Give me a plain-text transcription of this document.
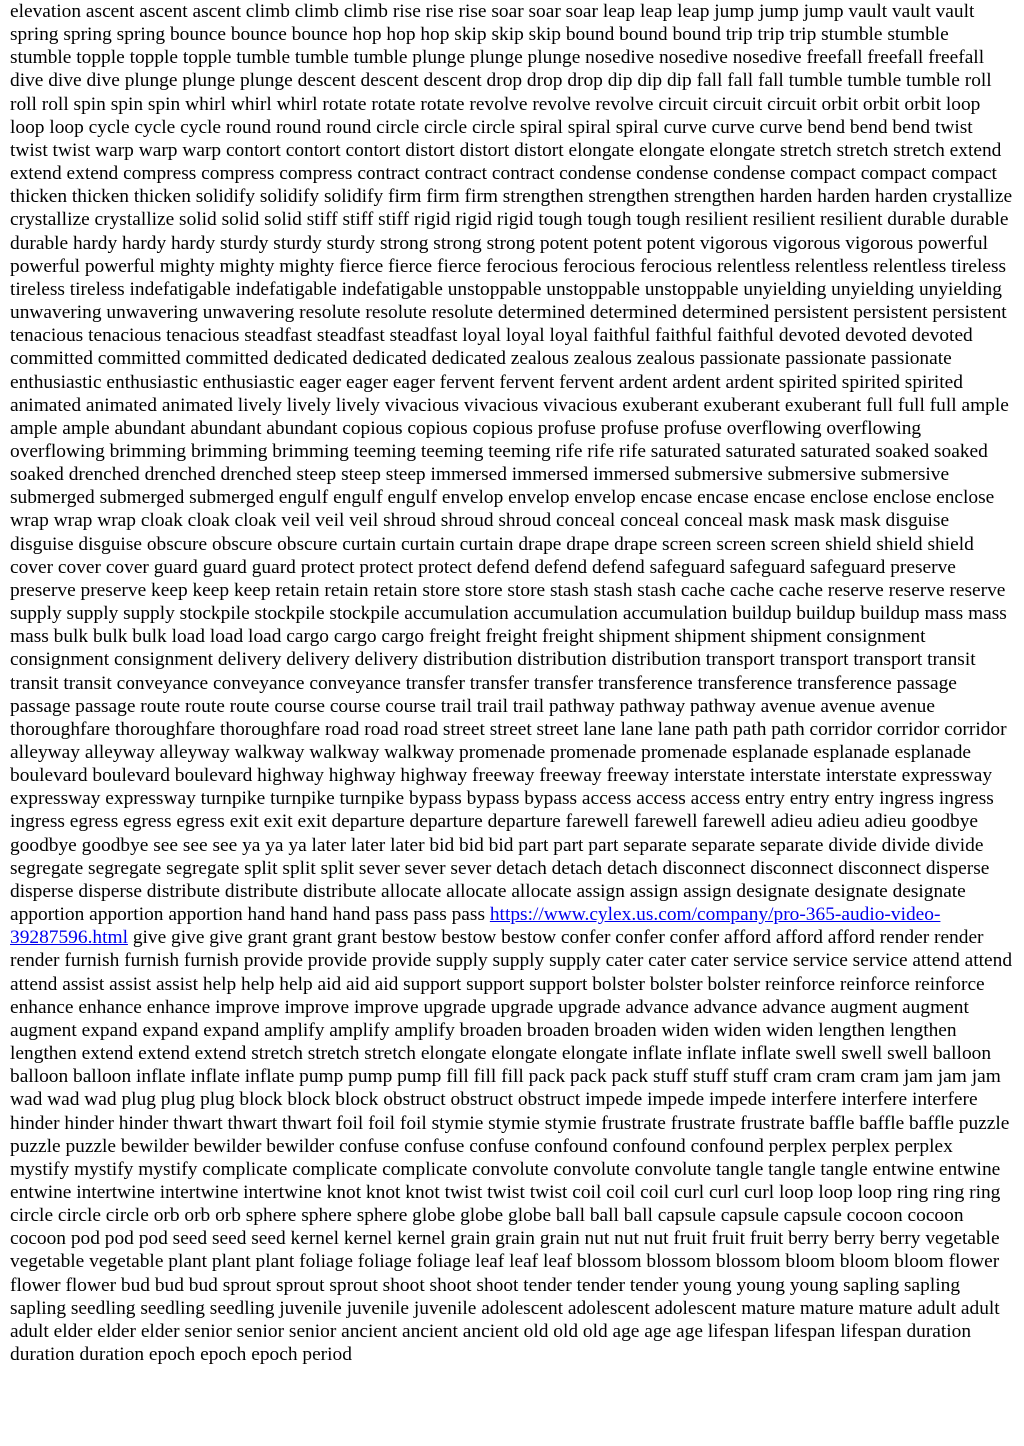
elevation ascent ascent ascent climb climb climb rise rise rise soar soar soar leap leap leap jump jump jump vault vault vault spring spring spring bounce bounce bounce hop hop hop skip skip skip bound bound bound trip trip trip stumble stumble stumble topple topple topple tumble tumble tumble plunge plunge plunge nosedive nosedive nosedive freefall freefall freefall dive dive dive plunge plunge plunge descent descent descent drop drop drop dip dip dip fall fall fall tumble tumble tumble roll roll roll spin spin spin whirl whirl whirl rotate rotate rotate revolve revolve revolve circuit circuit circuit orbit orbit orbit loop loop loop cycle cycle cycle round round round circle circle circle spiral spiral spiral curve curve curve bend bend bend twist twist twist warp warp warp contort contort contort distort distort distort elongate elongate elongate stretch stretch stretch extend extend extend compress compress compress contract contract contract condense condense condense compact compact compact thicken thicken thicken solidify solidify solidify firm firm firm strengthen strengthen strengthen harden harden harden crystallize crystallize crystallize solid solid solid stiff stiff stiff rigid rigid rigid tough tough tough resilient resilient resilient durable durable durable hardy hardy hardy sturdy sturdy sturdy strong strong strong potent potent potent vigorous vigorous vigorous powerful powerful powerful mighty mighty mighty fierce fierce fierce ferocious ferocious ferocious relentless relentless relentless tireless tireless tireless indefatigable indefatigable indefatigable unstoppable unstoppable unstoppable unyielding unyielding unyielding unwavering unwavering unwavering resolute resolute resolute determined determined determined persistent persistent persistent tenacious tenacious tenacious steadfast steadfast steadfast loyal loyal loyal faithful faithful faithful devoted devoted devoted committed committed committed dedicated dedicated dedicated zealous zealous zealous passionate passionate passionate enthusiastic enthusiastic enthusiastic eager eager eager fervent fervent fervent ardent ardent ardent spirited spirited spirited animated animated animated lively lively lively vivacious vivacious vivacious exuberant exuberant exuberant full full full ample ample ample abundant abundant abundant copious copious copious profuse profuse profuse overflowing overflowing overflowing brimming brimming brimming teeming teeming teeming rife rife rife saturated saturated saturated soaked soaked soaked drenched drenched drenched steep steep steep immersed immersed immersed submersive submersive submersive submerged submerged submerged engulf engulf engulf envelop envelop envelop encase encase encase enclose enclose enclose wrap wrap wrap cloak cloak cloak veil veil veil shroud shroud shroud conceal conceal conceal mask mask mask disguise disguise disguise obscure obscure obscure curtain curtain curtain drape drape drape screen screen screen shield shield shield cover cover cover guard guard guard protect protect protect defend defend defend safeguard safeguard safeguard preserve preserve preserve keep keep keep retain retain retain store store store stash stash stash cache cache cache reserve reserve reserve supply supply supply stockpile stockpile stockpile accumulation accumulation accumulation buildup buildup buildup mass mass mass bulk bulk bulk load load load cargo cargo cargo freight freight freight shipment shipment shipment consignment consignment consignment delivery delivery delivery distribution distribution distribution transport transport transport transit transit transit conveyance conveyance conveyance transfer transfer transfer transference transference transference passage passage passage route route route course course course trail trail trail pathway pathway pathway avenue avenue avenue thoroughfare thoroughfare thoroughfare road road road street street street lane lane lane path path path corridor corridor corridor alleyway alleyway alleyway walkway walkway walkway promenade promenade promenade esplanade esplanade esplanade boulevard boulevard boulevard highway highway highway freeway freeway freeway interstate interstate interstate expressway expressway expressway turnpike turnpike turnpike bypass bypass bypass access access access entry entry entry ingress ingress ingress egress egress egress exit exit exit departure departure departure farewell farewell farewell adieu adieu adieu goodbye goodbye goodbye see see see ya ya ya later later later bid bid bid part part part separate separate separate divide divide divide segregate segregate segregate split split split sever sever sever detach detach detach disconnect disconnect disconnect disperse disperse disperse distribute distribute distribute allocate allocate allocate assign assign assign designate designate designate apportion apportion apportion hand hand hand pass pass pass https://www.cylex.us.com/company/pro-365-audio-video-39287596.html give give give grant grant grant bestow bestow bestow confer confer confer afford afford afford render render render furnish furnish furnish provide provide provide supply supply supply cater cater cater service service service attend attend attend assist assist assist help help help aid aid aid support support support bolster bolster bolster reinforce reinforce reinforce enhance enhance enhance improve improve improve upgrade upgrade upgrade advance advance advance augment augment augment expand expand expand amplify amplify amplify broaden broaden broaden widen widen widen lengthen lengthen lengthen extend extend extend stretch stretch stretch elongate elongate elongate inflate inflate inflate swell swell swell balloon balloon balloon inflate inflate inflate pump pump pump fill fill fill pack pack pack stuff stuff stuff cram cram cram jam jam jam wad wad wad plug plug plug block block block obstruct obstruct obstruct impede impede impede interfere interfere interfere hinder hinder hinder thwart thwart thwart foil foil foil stymie stymie stymie frustrate frustrate frustrate baffle baffle baffle puzzle puzzle puzzle bewilder bewilder bewilder confuse confuse confuse confound confound confound perplex perplex perplex mystify mystify mystify complicate complicate complicate convolute convolute convolute tangle tangle tangle entwine entwine entwine intertwine intertwine intertwine knot knot knot twist twist twist coil coil coil curl curl curl loop loop loop ring ring ring circle circle circle orb orb orb sphere sphere sphere globe globe globe ball ball ball capsule capsule capsule cocoon cocoon cocoon pod pod pod seed seed seed kernel kernel kernel grain grain grain nut nut nut fruit fruit fruit berry berry berry vegetable vegetable vegetable plant plant plant foliage foliage foliage leaf leaf leaf blossom blossom blossom bloom bloom bloom flower flower flower bud bud bud sprout sprout sprout shoot shoot shoot tender tender tender young young young sapling sapling sapling seedling seedling seedling juvenile juvenile juvenile adolescent adolescent adolescent mature mature mature adult adult adult elder elder elder senior senior senior ancient ancient ancient old old old age age age lifespan lifespan lifespan duration duration duration epoch epoch epoch period
